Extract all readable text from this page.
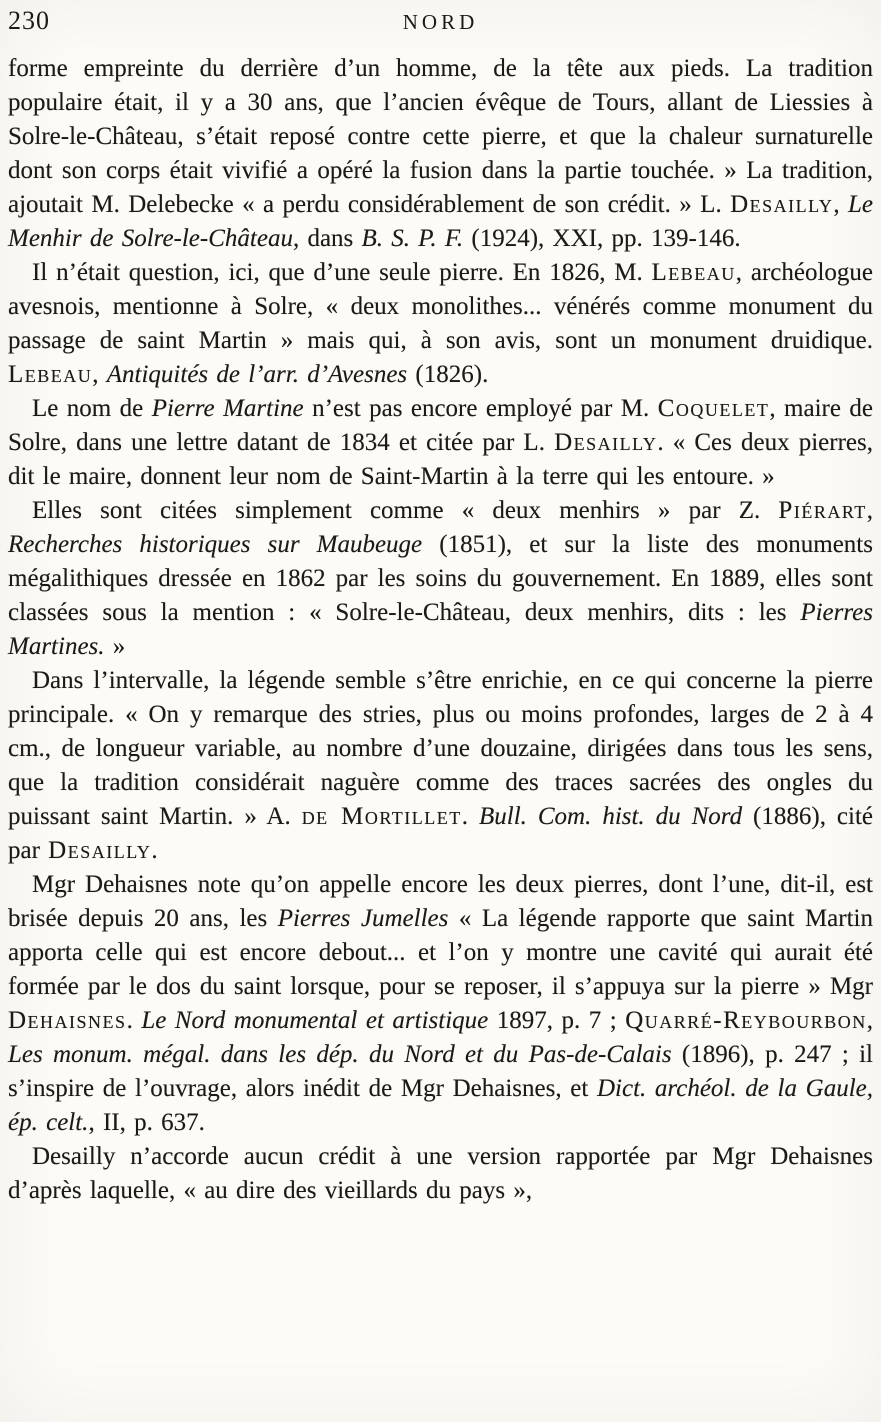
230	NORD

forme empreinte du derrière d’un homme, de la tête aux pieds. La tradition populaire était, il y a 30 ans, que l’ancien évêque de Tours, allant de Liessies à Solre-le-Château, s’était reposé contre cette pierre, et que la chaleur surnaturelle dont son corps était vivifié a opéré la fusion dans la partie touchée. » La tradition, ajoutait M. Delebecke « a perdu considérablement de son crédit. » L. Desailly, Le Menhir de Solre-le-Château, dans B. S. P. F. (1924), XXI, pp. 139-146.

Il n’était question, ici, que d’une seule pierre. En 1826, M. Lebeau, archéologue avesnois, mentionne à Solre, « deux monolithes... vénérés comme monument du passage de saint Martin » mais qui, à son avis, sont un monument druidique. Lebeau, Antiquités de l’arr. d’Avesnes (1826).

Le nom de Pierre Martine n’est pas encore employé par M. Coquelet, maire de Solre, dans une lettre datant de 1834 et citée par L. Desailly. « Ces deux pierres, dit le maire, donnent leur nom de Saint-Martin à la terre qui les entoure. »

Elles sont citées simplement comme « deux menhirs » par Z. Piérart, Recherches historiques sur Maubeuge (1851), et sur la liste des monuments mégalithiques dressée en 1862 par les soins du gouvernement. En 1889, elles sont classées sous la mention : « Solre-le-Château, deux menhirs, dits : les Pierres Martines. »

Dans l’intervalle, la légende semble s’être enrichie, en ce qui concerne la pierre principale. « On y remarque des stries, plus ou moins profondes, larges de 2 à 4 cm., de longueur variable, au nombre d’une douzaine, dirigées dans tous les sens, que la tradition considérait naguère comme des traces sacrées des ongles du puissant saint Martin. » A. de Mortillet. Bull. Com. hist. du Nord (1886), cité par Desailly.

Mgr Dehaisnes note qu’on appelle encore les deux pierres, dont l’une, dit-il, est brisée depuis 20 ans, les Pierres Jumelles « La légende rapporte que saint Martin apporta celle qui est encore debout... et l’on y montre une cavité qui aurait été formée par le dos du saint lorsque, pour se reposer, il s’appuya sur la pierre » Mgr Dehaisnes. Le Nord monumental et artistique 1897, p. 7 ; Quarré-Reybourbon, Les monum. mégal. dans les dép. du Nord et du Pas-de-Calais (1896), p. 247 ; il s’inspire de l’ouvrage, alors inédit de Mgr Dehaisnes, et Dict. archéol. de la Gaule, ép. celt., II, p. 637.

Desailly n’accorde aucun crédit à une version rapportée par Mgr Dehaisnes d’après laquelle, « au dire des vieillards du pays »,
